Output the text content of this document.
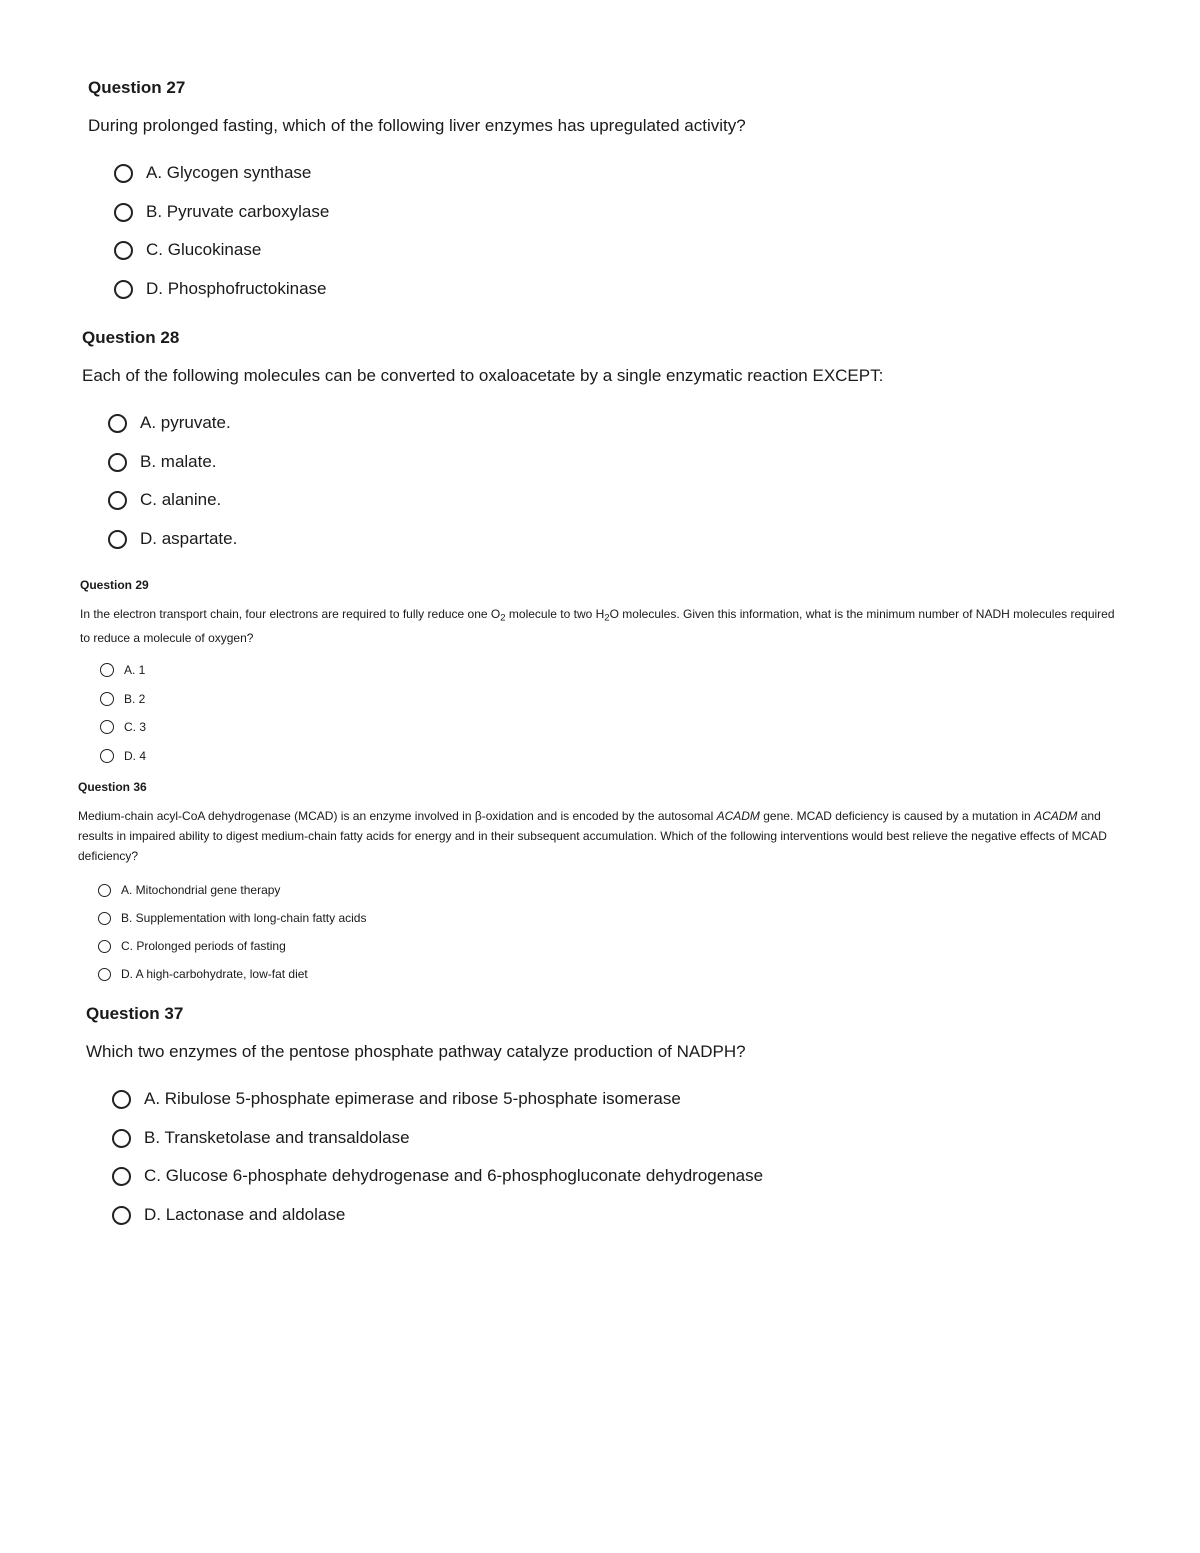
Question 27

During prolonged fasting, which of the following liver enzymes has upregulated activity?

A. Glycogen synthase
B. Pyruvate carboxylase
C. Glucokinase
D. Phosphofructokinase

Question 28

Each of the following molecules can be converted to oxaloacetate by a single enzymatic reaction EXCEPT:

A. pyruvate.
B. malate.
C. alanine.
D. aspartate.

Question 29

In the electron transport chain, four electrons are required to fully reduce one $O_2$ molecule to two $H_2O$ molecules. Given this information, what is the minimum number of NADH molecules required to reduce a molecule of oxygen?

A. 1
B. 2
C. 3
D. 4

Question 36

Medium-chain acyl-CoA dehydrogenase (MCAD) is an enzyme involved in β-oxidation and is encoded by the autosomal ACADM gene. MCAD deficiency is caused by a mutation in ACADM and results in impaired ability to digest medium-chain fatty acids for energy and in their subsequent accumulation. Which of the following interventions would best relieve the negative effects of MCAD deficiency?

A. Mitochondrial gene therapy
B. Supplementation with long-chain fatty acids
C. Prolonged periods of fasting
D. A high-carbohydrate, low-fat diet

Question 37

Which two enzymes of the pentose phosphate pathway catalyze production of NADPH?

A. Ribulose 5-phosphate epimerase and ribose 5-phosphate isomerase
B. Transketolase and transaldolase
C. Glucose 6-phosphate dehydrogenase and 6-phosphogluconate dehydrogenase
D. Lactonase and aldolase
